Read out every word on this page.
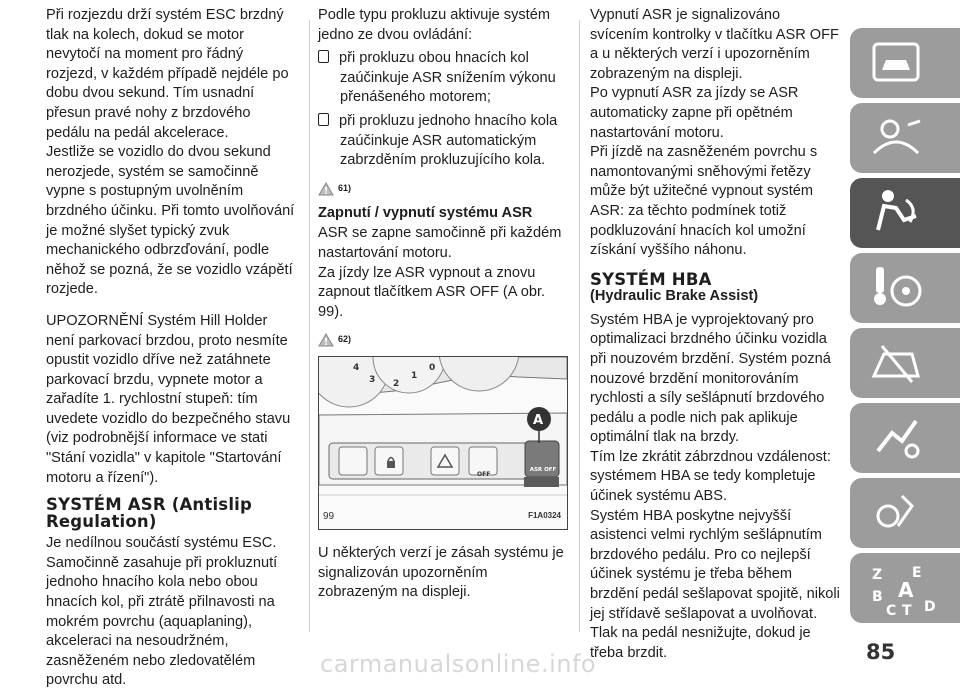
Při rozjezdu drží systém ESC brzdný tlak na kolech, dokud se motor nevytočí na moment pro řádný rozjezd, v každém případě nejdéle po dobu dvou sekund. Tím usnadní přesun pravé nohy z brzdového pedálu na pedál akcelerace.

Jestliže se vozidlo do dvou sekund nerozjede, systém se samočinně vypne s postupným uvolněním brzdného účinku. Při tomto uvolňování je možné slyšet typický zvuk mechanického odbrzďování, podle něhož se pozná, že se vozidlo vzápětí rozjede.

UPOZORNĚNÍ Systém Hill Holder není parkovací brzdou, proto nesmíte opustit vozidlo dříve než zatáhnete parkovací brzdu, vypnete motor a zařadíte 1. rychlostní stupeň: tím uvedete vozidlo do bezpečného stavu (viz podrobnější informace ve stati "Stání vozidla" v kapitole "Startování motoru a řízení").

SYSTÉM ASR (Antislip Regulation)

Je nedílnou součástí systému ESC. Samočinně zasahuje při prokluznutí jednoho hnacího kola nebo obou hnacích kol, při ztrátě přilnavosti na mokrém povrchu (aquaplaning), akceleraci na nesoudržném, zasněženém nebo zledovatělém povrchu atd.

Podle typu prokluzu aktivuje systém jedno ze dvou ovládání:

při prokluzu obou hnacích kol zaúčinkuje ASR snížením výkonu přenášeného motorem;

při prokluzu jednoho hnacího kola zaúčinkuje ASR automatickým zabrzděním prokluzujícího kola.

61)
Zapnutí / vypnutí systému ASR

ASR se zapne samočinně při každém nastartování motoru.

Za jízdy lze ASR vypnout a znovu zapnout tlačítkem ASR OFF (A obr. 99).

62)
4
3 2
1
0
A
OFF
ASR OFF
99	F1A0324

U některých verzí je zásah systému je signalizován upozorněním zobrazeným na displeji.

Vypnutí ASR je signalizováno svícením kontrolky v tlačítku ASR OFF a u některých verzí i upozorněním zobrazeným na displeji.

Po vypnutí ASR za jízdy se ASR automaticky zapne při opětném nastartování motoru.

Při jízdě na zasněženém povrchu s namontovanými sněhovými řetězy může být užitečné vypnout systém ASR: za těchto podmínek totiž podkluzování hnacích kol umožní získání vyššího náhonu.

SYSTÉM HBA
(Hydraulic Brake Assist)

Systém HBA je vyprojektovaný pro optimalizaci brzdného účinku vozidla při nouzovém brzdění. Systém pozná nouzové brzdění monitorováním rychlosti a síly sešlápnutí brzdového pedálu a podle nich pak aplikuje optimální tlak na brzdy.

Tím lze zkrátit zábrzdnou vzdálenost: systémem HBA se tedy kompletuje účinek systému ABS.

Systém HBA poskytne nejvyšší asistenci velmi rychlým sešlápnutím brzdového pedálu. Pro co nejlepší účinek systému je třeba během brzdění pedál sešlapovat spojitě, nikoli jej střídavě sešlapovat a uvolňovat.

Tlak na pedál nesnižujte, dokud je třeba brzdit.

Z E
B A
C T D
85
carmanualsonline.info
